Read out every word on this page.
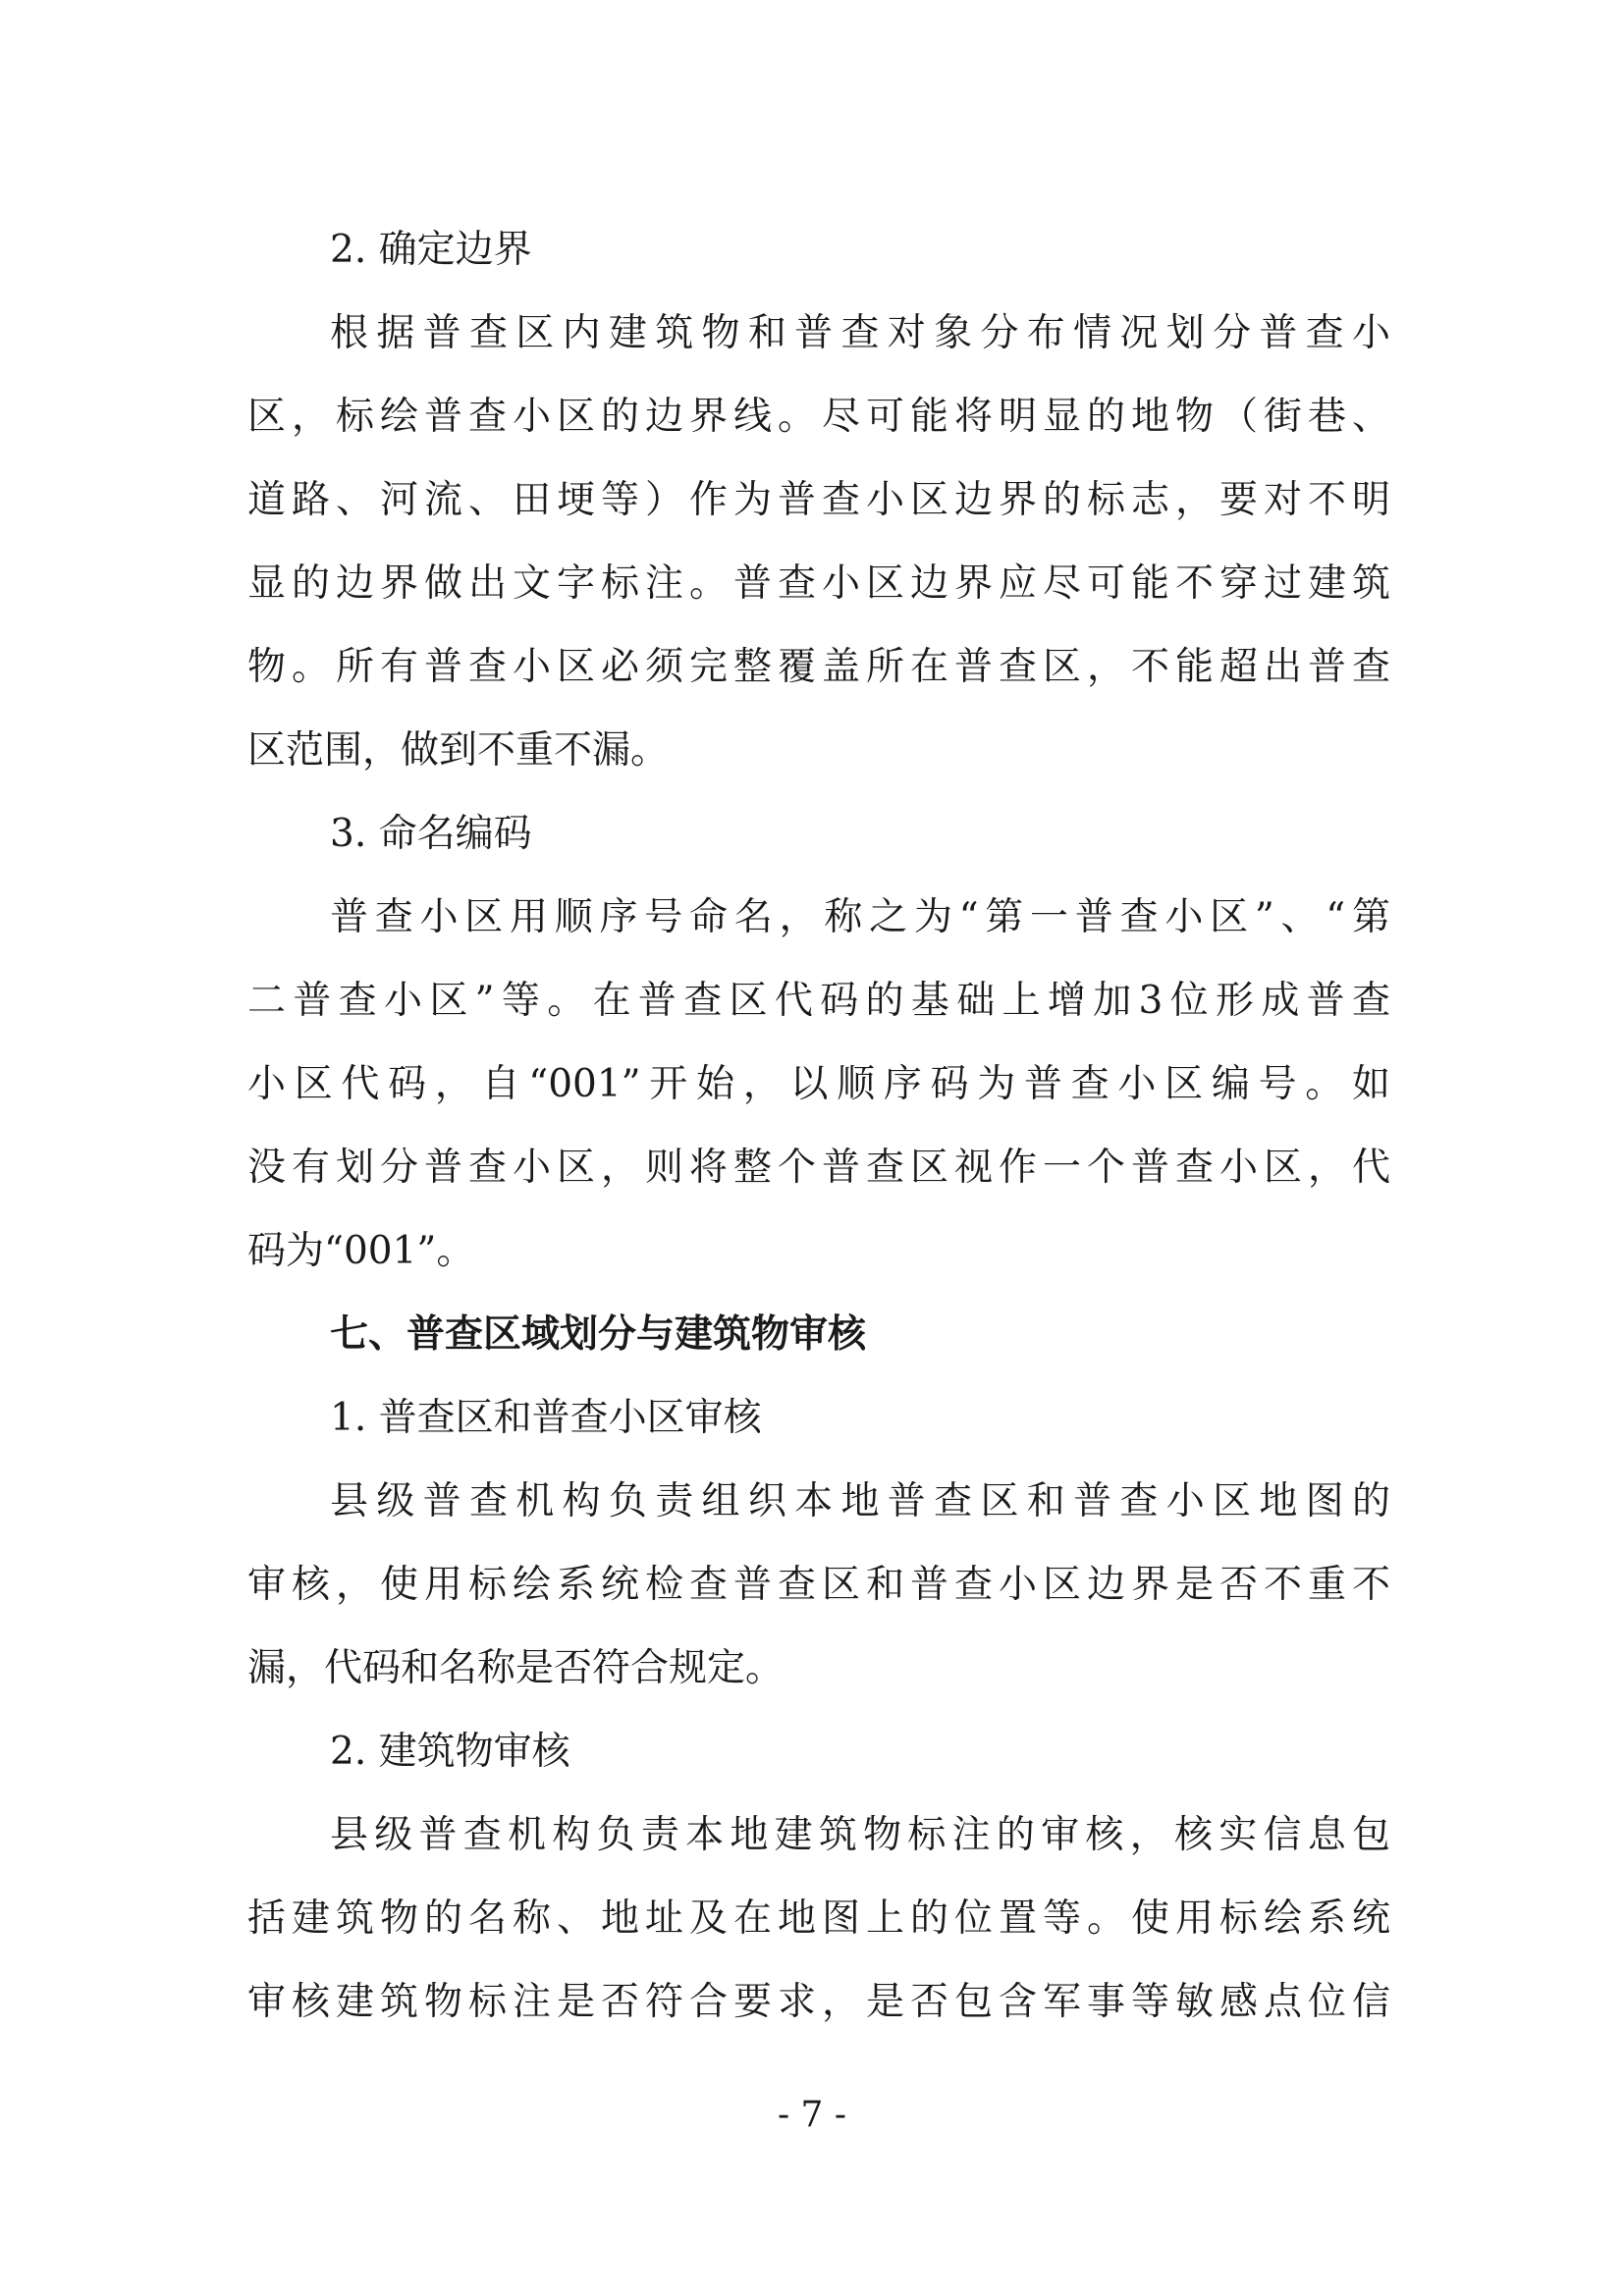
2. 确定边界
根据普查区内建筑物和普查对象分布情况划分普查小
区，标绘普查小区的边界线。尽可能将明显的地物（街巷、
道路、河流、田埂等）作为普查小区边界的标志，要对不明
显的边界做出文字标注。普查小区边界应尽可能不穿过建筑
物。所有普查小区必须完整覆盖所在普查区，不能超出普查
区范围，做到不重不漏。
3. 命名编码
普查小区用顺序号命名，称之为“第一普查小区”、“第
二普查小区”等。在普查区代码的基础上增加3位形成普查
小区代码，自“001”开始，以顺序码为普查小区编号。如
没有划分普查小区，则将整个普查区视作一个普查小区，代
码为“001”。
七、普查区域划分与建筑物审核
1. 普查区和普查小区审核
县级普查机构负责组织本地普查区和普查小区地图的
审核，使用标绘系统检查普查区和普查小区边界是否不重不
漏，代码和名称是否符合规定。
2. 建筑物审核
县级普查机构负责本地建筑物标注的审核，核实信息包
括建筑物的名称、地址及在地图上的位置等。使用标绘系统
审核建筑物标注是否符合要求，是否包含军事等敏感点位信
- 7 -
